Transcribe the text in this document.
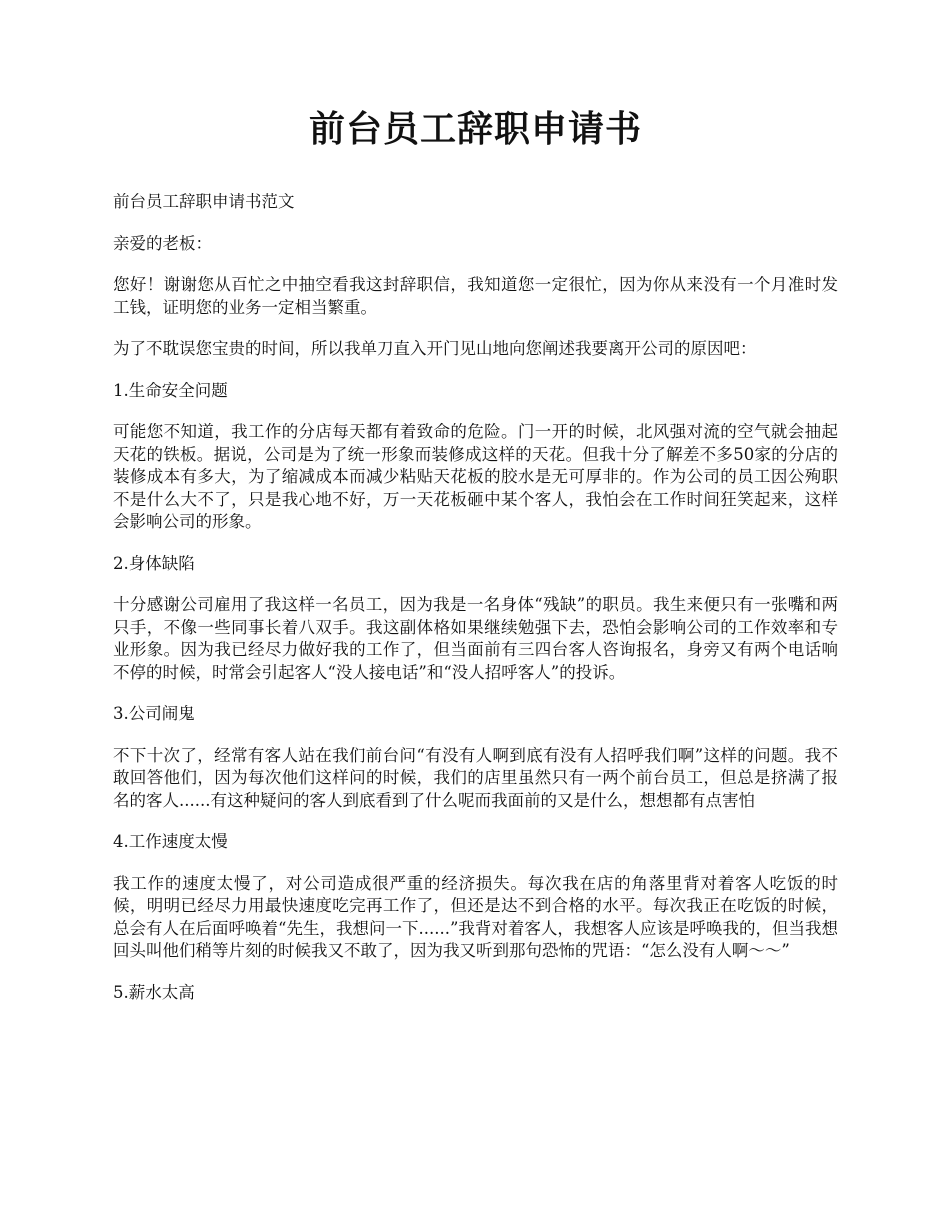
前台员工辞职申请书

前台员工辞职申请书范文

亲爱的老板：

您好！谢谢您从百忙之中抽空看我这封辞职信，我知道您一定很忙，因为你从来没有一个月准时发工钱，证明您的业务一定相当繁重。

为了不耽误您宝贵的时间，所以我单刀直入开门见山地向您阐述我要离开公司的原因吧：

1.生命安全问题

可能您不知道，我工作的分店每天都有着致命的危险。门一开的时候，北风强对流的空气就会抽起天花的铁板。据说，公司是为了统一形象而装修成这样的天花。但我十分了解差不多50家的分店的装修成本有多大，为了缩减成本而减少粘贴天花板的胶水是无可厚非的。作为公司的员工因公殉职不是什么大不了，只是我心地不好，万一天花板砸中某个客人，我怕会在工作时间狂笑起来，这样会影响公司的形象。

2.身体缺陷

十分感谢公司雇用了我这样一名员工，因为我是一名身体“残缺”的职员。我生来便只有一张嘴和两只手，不像一些同事长着八双手。我这副体格如果继续勉强下去，恐怕会影响公司的工作效率和专业形象。因为我已经尽力做好我的工作了，但当面前有三四台客人咨询报名，身旁又有两个电话响不停的时候，时常会引起客人“没人接电话”和“没人招呼客人”的投诉。

3.公司闹鬼

不下十次了，经常有客人站在我们前台问“有没有人啊到底有没有人招呼我们啊”这样的问题。我不敢回答他们，因为每次他们这样问的时候，我们的店里虽然只有一两个前台员工，但总是挤满了报名的客人......有这种疑问的客人到底看到了什么呢而我面前的又是什么，想想都有点害怕

4.工作速度太慢

我工作的速度太慢了，对公司造成很严重的经济损失。每次我在店的角落里背对着客人吃饭的时候，明明已经尽力用最快速度吃完再工作了，但还是达不到合格的水平。每次我正在吃饭的时候，总会有人在后面呼唤着“先生，我想问一下......”我背对着客人，我想客人应该是呼唤我的，但当我想回头叫他们稍等片刻的时候我又不敢了，因为我又听到那句恐怖的咒语：“怎么没有人啊～～”

5.薪水太高
